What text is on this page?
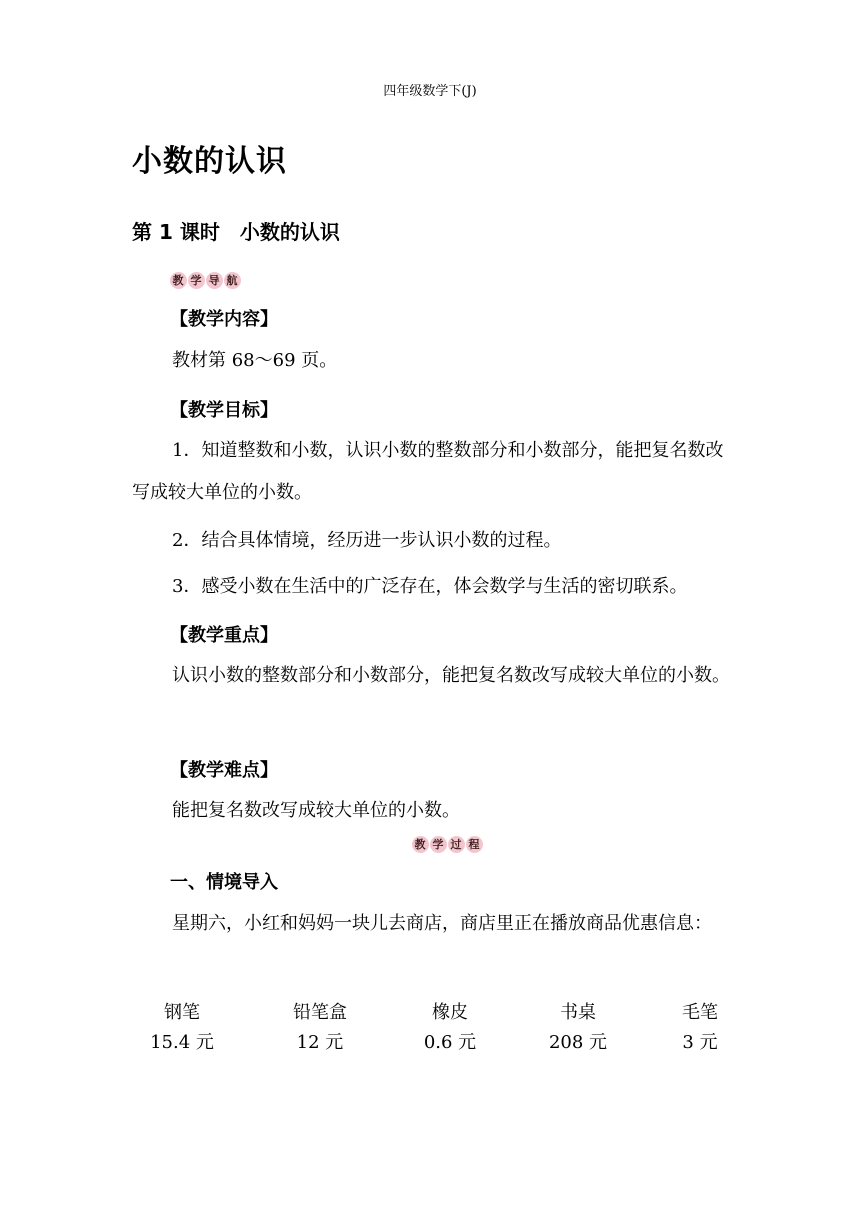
四年级数学下(J)
小数的认识
第 1 课时　小数的认识
教 学 导 航
【教学内容】
教材第 68～69 页。
【教学目标】
1．知道整数和小数，认识小数的整数部分和小数部分，能把复名数改写成较大单位的小数。
2．结合具体情境，经历进一步认识小数的过程。
3．感受小数在生活中的广泛存在，体会数学与生活的密切联系。
【教学重点】
认识小数的整数部分和小数部分，能把复名数改写成较大单位的小数。
【教学难点】
能把复名数改写成较大单位的小数。
教 学 过 程
一、情境导入
星期六，小红和妈妈一块儿去商店，商店里正在播放商品优惠信息：
钢笔	铅笔盒	橡皮	书桌	毛笔
15.4 元	12 元	0.6 元	208 元	3 元
